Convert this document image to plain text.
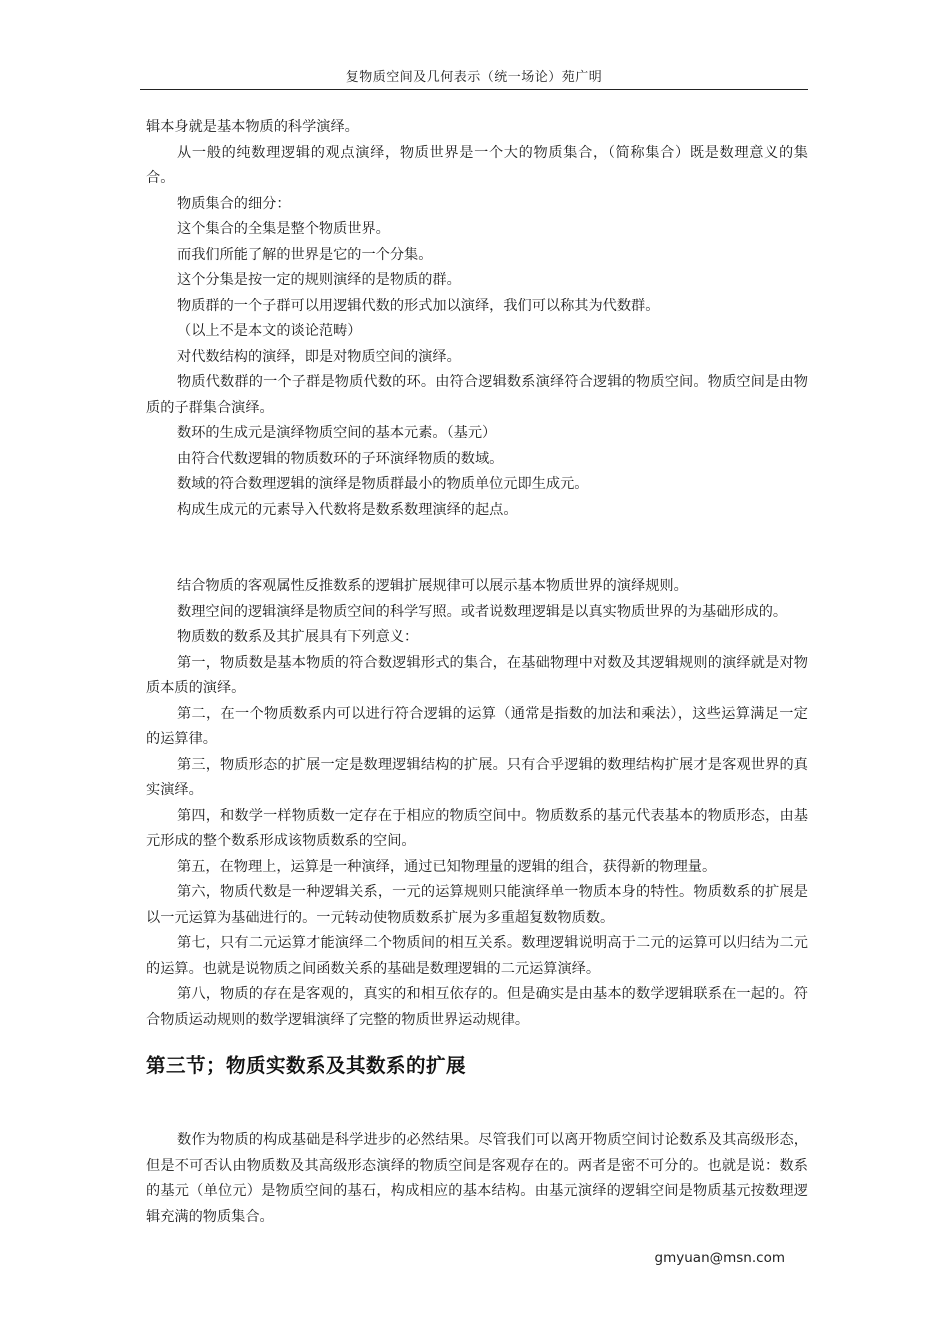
复物质空间及几何表示（统一场论）苑广明

辑本身就是基本物质的科学演绎。

从一般的纯数理逻辑的观点演绎，物质世界是一个大的物质集合，（简称集合）既是数理意义的集合。

物质集合的细分：

这个集合的全集是整个物质世界。

而我们所能了解的世界是它的一个分集。

这个分集是按一定的规则演绎的是物质的群。

物质群的一个子群可以用逻辑代数的形式加以演绎，我们可以称其为代数群。

（以上不是本文的谈论范畴）

对代数结构的演绎，即是对物质空间的演绎。

物质代数群的一个子群是物质代数的环。由符合逻辑数系演绎符合逻辑的物质空间。物质空间是由物质的子群集合演绎。

数环的生成元是演绎物质空间的基本元素。（基元）

由符合代数逻辑的物质数环的子环演绎物质的数域。

数域的符合数理逻辑的演绎是物质群最小的物质单位元即生成元。

构成生成元的元素导入代数将是数系数理演绎的起点。

结合物质的客观属性反推数系的逻辑扩展规律可以展示基本物质世界的演绎规则。

数理空间的逻辑演绎是物质空间的科学写照。或者说数理逻辑是以真实物质世界的为基础形成的。

物质数的数系及其扩展具有下列意义：

第一，物质数是基本物质的符合数逻辑形式的集合，在基础物理中对数及其逻辑规则的演绎就是对物质本质的演绎。

第二，在一个物质数系内可以进行符合逻辑的运算（通常是指数的加法和乘法），这些运算满足一定的运算律。

第三，物质形态的扩展一定是数理逻辑结构的扩展。只有合乎逻辑的数理结构扩展才是客观世界的真实演绎。

第四，和数学一样物质数一定存在于相应的物质空间中。物质数系的基元代表基本的物质形态，由基元形成的整个数系形成该物质数系的空间。

第五，在物理上，运算是一种演绎，通过已知物理量的逻辑的组合，获得新的物理量。

第六，物质代数是一种逻辑关系，一元的运算规则只能演绎单一物质本身的特性。物质数系的扩展是以一元运算为基础进行的。一元转动使物质数系扩展为多重超复数物质数。

第七，只有二元运算才能演绎二个物质间的相互关系。数理逻辑说明高于二元的运算可以归结为二元的运算。也就是说物质之间函数关系的基础是数理逻辑的二元运算演绎。

第八，物质的存在是客观的，真实的和相互依存的。但是确实是由基本的数学逻辑联系在一起的。符合物质运动规则的数学逻辑演绎了完整的物质世界运动规律。

第三节；物质实数系及其数系的扩展

数作为物质的构成基础是科学进步的必然结果。尽管我们可以离开物质空间讨论数系及其高级形态，但是不可否认由物质数及其高级形态演绎的物质空间是客观存在的。两者是密不可分的。也就是说：数系的基元（单位元）是物质空间的基石，构成相应的基本结构。由基元演绎的逻辑空间是物质基元按数理逻辑充满的物质集合。

gmyuan@msn.com
